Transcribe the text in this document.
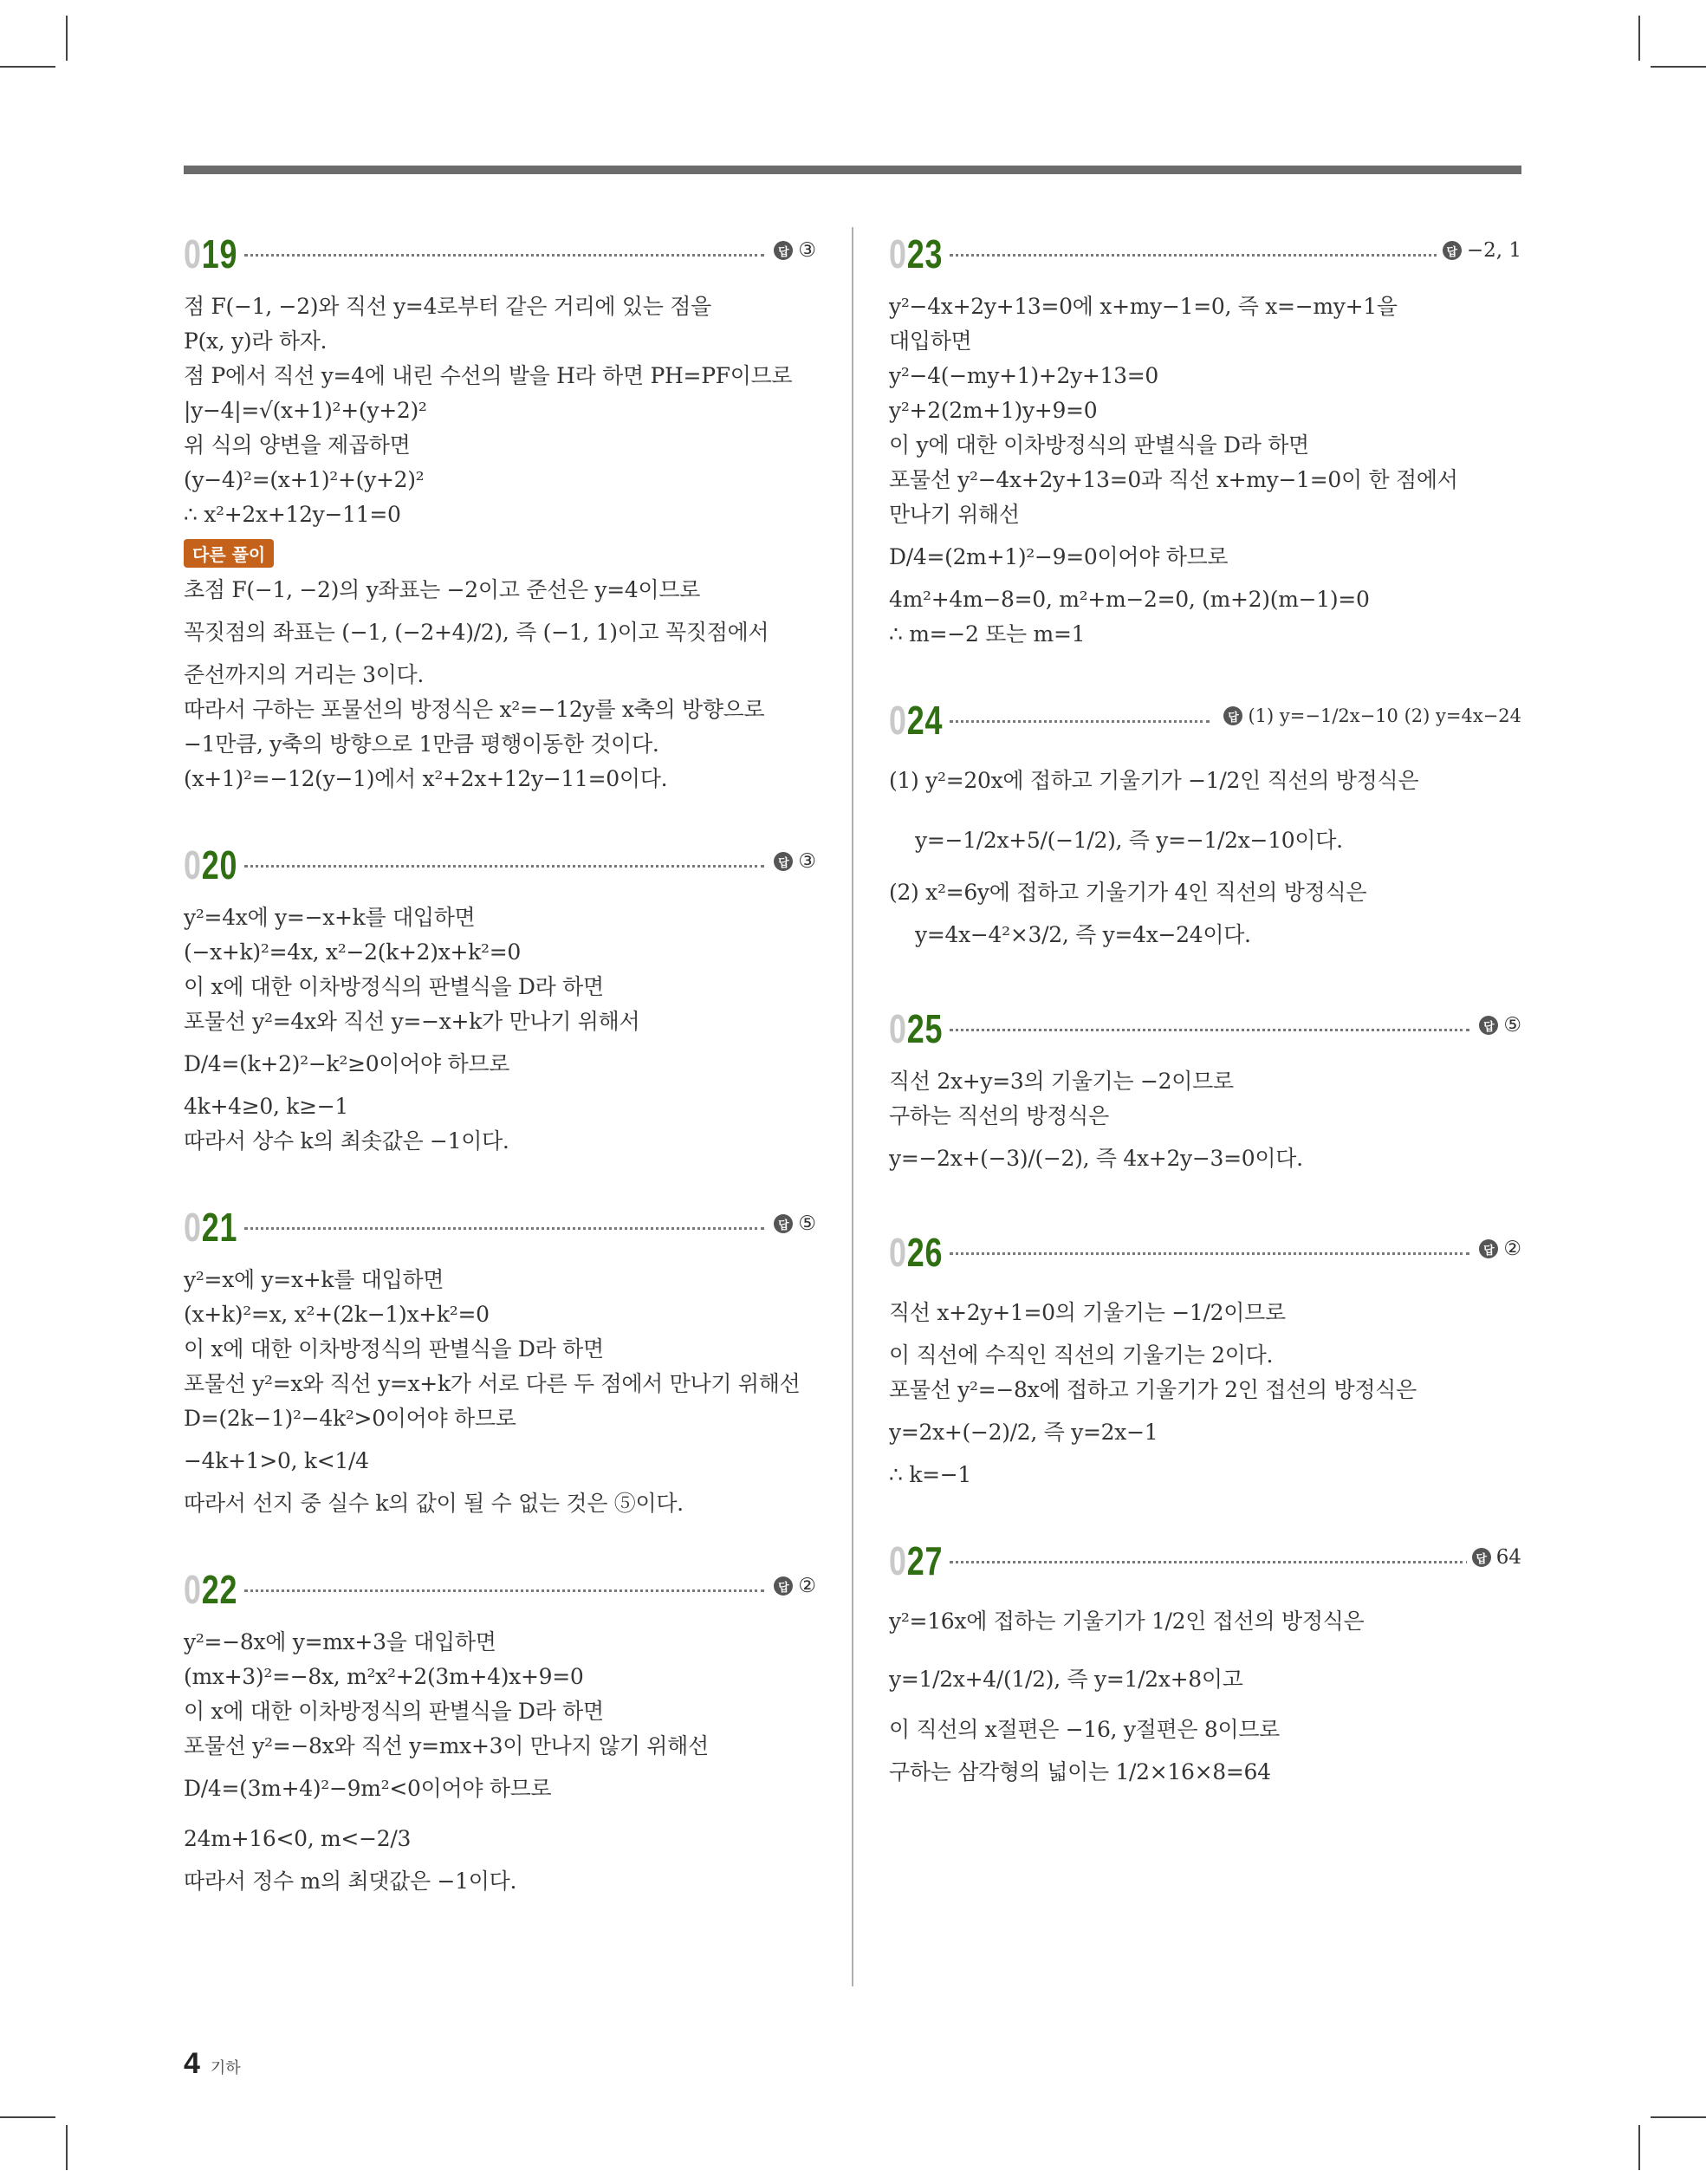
019	답 ③
점 F(−1, −2)와 직선 y=4로부터 같은 거리에 있는 점을
P(x, y)라 하자.
점 P에서 직선 y=4에 내린 수선의 발을 H라 하면 PH=PF이므로
|y−4|=√(x+1)²+(y+2)²
위 식의 양변을 제곱하면
(y−4)²=(x+1)²+(y+2)²
∴ x²+2x+12y−11=0
다른 풀이
초점 F(−1, −2)의 y좌표는 −2이고 준선은 y=4이므로
꼭짓점의 좌표는 (−1, (−2+4)/2), 즉 (−1, 1)이고 꼭짓점에서
준선까지의 거리는 3이다.
따라서 구하는 포물선의 방정식은 x²=−12y를 x축의 방향으로
−1만큼, y축의 방향으로 1만큼 평행이동한 것이다.
(x+1)²=−12(y−1)에서 x²+2x+12y−11=0이다.
020	답 ③
y²=4x에 y=−x+k를 대입하면
(−x+k)²=4x, x²−2(k+2)x+k²=0
이 x에 대한 이차방정식의 판별식을 D라 하면
포물선 y²=4x와 직선 y=−x+k가 만나기 위해서
D/4=(k+2)²−k²≥0이어야 하므로
4k+4≥0, k≥−1
따라서 상수 k의 최솟값은 −1이다.
021	답 ⑤
y²=x에 y=x+k를 대입하면
(x+k)²=x, x²+(2k−1)x+k²=0
이 x에 대한 이차방정식의 판별식을 D라 하면
포물선 y²=x와 직선 y=x+k가 서로 다른 두 점에서 만나기 위해선
D=(2k−1)²−4k²>0이어야 하므로
−4k+1>0, k<1/4
따라서 선지 중 실수 k의 값이 될 수 없는 것은 ⑤이다.
022	답 ②
y²=−8x에 y=mx+3을 대입하면
(mx+3)²=−8x, m²x²+2(3m+4)x+9=0
이 x에 대한 이차방정식의 판별식을 D라 하면
포물선 y²=−8x와 직선 y=mx+3이 만나지 않기 위해선
D/4=(3m+4)²−9m²<0이어야 하므로
24m+16<0, m<−2/3
따라서 정수 m의 최댓값은 −1이다.
023	답 −2, 1
y²−4x+2y+13=0에 x+my−1=0, 즉 x=−my+1을
대입하면
y²−4(−my+1)+2y+13=0
y²+2(2m+1)y+9=0
이 y에 대한 이차방정식의 판별식을 D라 하면
포물선 y²−4x+2y+13=0과 직선 x+my−1=0이 한 점에서
만나기 위해선
D/4=(2m+1)²−9=0이어야 하므로
4m²+4m−8=0, m²+m−2=0, (m+2)(m−1)=0
∴ m=−2 또는 m=1
024	답 (1) y=−1/2x−10 (2) y=4x−24
(1) y²=20x에 접하고 기울기가 −1/2인 직선의 방정식은
y=−1/2x+5/(−1/2), 즉 y=−1/2x−10이다.
(2) x²=6y에 접하고 기울기가 4인 직선의 방정식은
y=4x−4²×3/2, 즉 y=4x−24이다.
025	답 ⑤
직선 2x+y=3의 기울기는 −2이므로
구하는 직선의 방정식은
y=−2x+(−3)/(−2), 즉 4x+2y−3=0이다.
026	답 ②
직선 x+2y+1=0의 기울기는 −1/2이므로
이 직선에 수직인 직선의 기울기는 2이다.
포물선 y²=−8x에 접하고 기울기가 2인 접선의 방정식은
y=2x+(−2)/2, 즉 y=2x−1
∴ k=−1
027	답 64
y²=16x에 접하는 기울기가 1/2인 접선의 방정식은
y=1/2x+4/(1/2), 즉 y=1/2x+8이고
이 직선의 x절편은 −16, y절편은 8이므로
구하는 삼각형의 넓이는 1/2×16×8=64
4 기하
